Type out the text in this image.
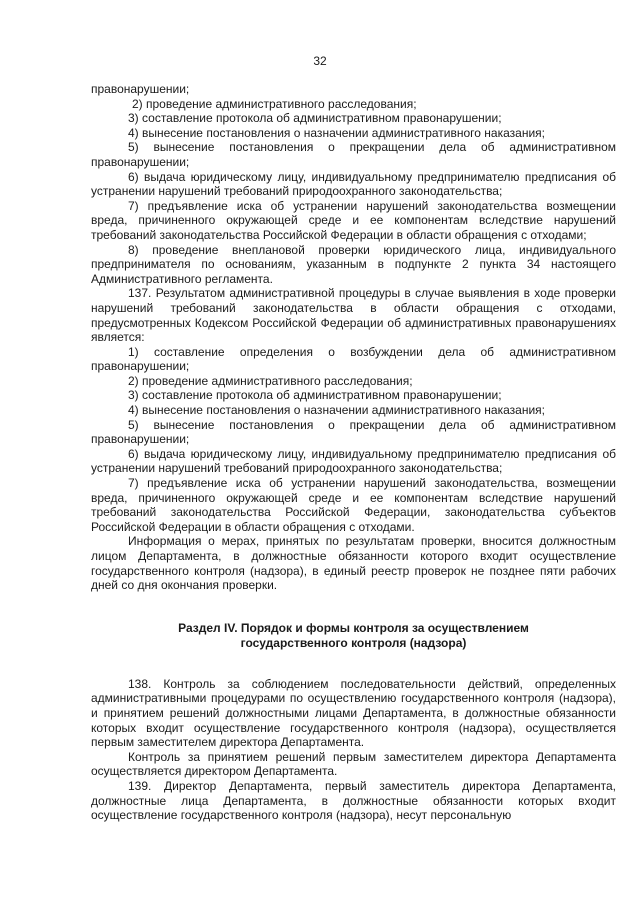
32

правонарушении;

2) проведение административного расследования;

3) составление протокола об административном правонарушении;

4) вынесение постановления о назначении административного наказания;

5) вынесение постановления о прекращении дела об административном правонарушении;

6) выдача юридическому лицу, индивидуальному предпринимателю предписания об устранении нарушений требований природоохранного законодательства;

7) предъявление иска об устранении нарушений законодательства возмещении вреда, причиненного окружающей среде и ее компонентам вследствие нарушений требований законодательства Российской Федерации в области обращения с отходами;

8) проведение внеплановой проверки юридического лица, индивидуального предпринимателя по основаниям, указанным в подпункте 2 пункта 34 настоящего Административного регламента.

137. Результатом административной процедуры в случае выявления в ходе проверки нарушений требований законодательства в области обращения с отходами, предусмотренных Кодексом Российской Федерации об административных правонарушениях является:

1) составление определения о возбуждении дела об административном правонарушении;

2) проведение административного расследования;

3) составление протокола об административном правонарушении;

4) вынесение постановления о назначении административного наказания;

5) вынесение постановления о прекращении дела об административном правонарушении;

6) выдача юридическому лицу, индивидуальному предпринимателю предписания об устранении нарушений требований природоохранного законодательства;

7) предъявление иска об устранении нарушений законодательства, возмещении вреда, причиненного окружающей среде и ее компонентам вследствие нарушений требований законодательства Российской Федерации, законодательства субъектов Российской Федерации в области обращения с отходами.

Информация о мерах, принятых по результатам проверки, вносится должностным лицом Департамента, в должностные обязанности которого входит осуществление государственного контроля (надзора), в единый реестр проверок не позднее пяти рабочих дней со дня окончания проверки.

Раздел IV. Порядок и формы контроля за осуществлением
государственного контроля (надзора)

138. Контроль за соблюдением последовательности действий, определенных административными процедурами по осуществлению государственного контроля (надзора), и принятием решений должностными лицами Департамента, в должностные обязанности которых входит осуществление государственного контроля (надзора), осуществляется первым заместителем директора Департамента.

Контроль за принятием решений первым заместителем директора Департамента осуществляется директором Департамента.

139. Директор Департамента, первый заместитель директора Департамента, должностные лица Департамента, в должностные обязанности которых входит осуществление государственного контроля (надзора), несут персональную
